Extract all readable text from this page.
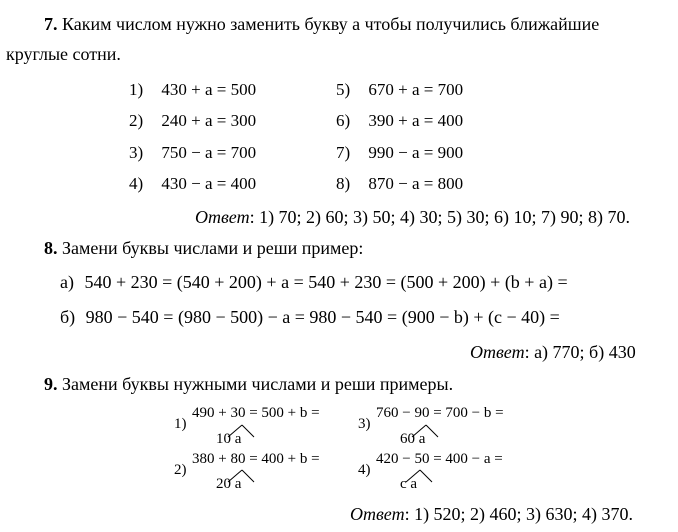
7. Каким числом нужно заменить букву а чтобы получились ближайшие
круглые сотни.
1) 430 + a = 500
2) 240 + a = 300
3) 750 − a = 700
4) 430 − a = 400
5) 670 + a = 700
6) 390 + a = 400
7) 990 − a = 900
8) 870 − a = 800
Ответ: 1) 70; 2) 60; 3) 50; 4) 30; 5) 30; 6) 10; 7) 90; 8) 70.
8. Замени буквы числами и реши пример:
а) 540 + 230 = (540 + 200) + a = 540 + 230 = (500 + 200) + (b + a) =
б) 980 − 540 = (980 − 500) − a = 980 − 540 = (900 − b) + (c − 40) =
Ответ: а) 770; б) 430
9. Замени буквы нужными числами и реши примеры.
1)
490 + 30 = 500 + b =
10 a
2)
380 + 80 = 400 + b =
20 a
3)
760 − 90 = 700 − b =
60 a
4)
420 − 50 = 400 − a =
c a
Ответ: 1) 520; 2) 460; 3) 630; 4) 370.
